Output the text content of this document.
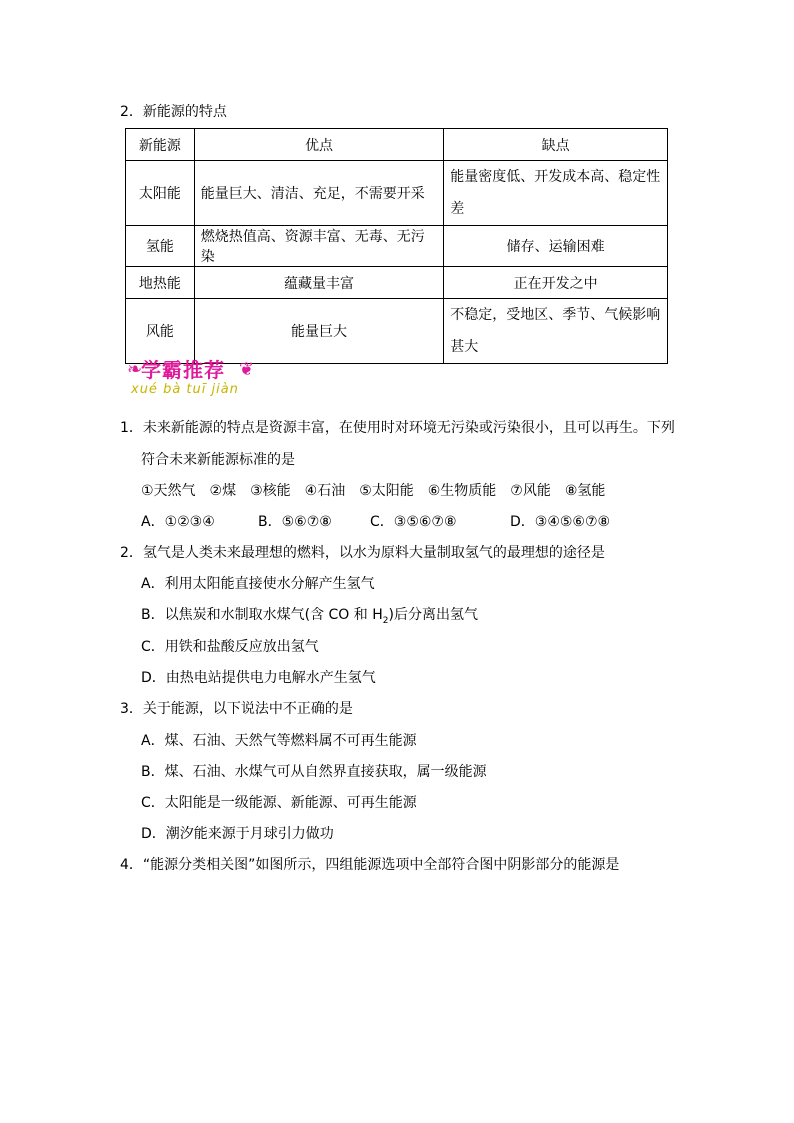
2．新能源的特点
新能源	优点	缺点
太阳能	能量巨大、清洁、充足，不需要开采	能量密度低、开发成本高、稳定性
差
氢能	燃烧热值高、资源丰富、无毒、无污染	储存、运输困难
地热能	蕴藏量丰富	正在开发之中
风能	能量巨大	不稳定，受地区、季节、气候影响
甚大
❧
学霸推荐 ❦
xué bà tuī jiàn
1．未来新能源的特点是资源丰富，在使用时对环境无污染或污染很小，且可以再生。下列
符合未来新能源标准的是
①天然气　②煤　③核能　④石油　⑤太阳能　⑥生物质能　⑦风能　⑧氢能
A．①②③④	B．⑤⑥⑦⑧	C．③⑤⑥⑦⑧	D．③④⑤⑥⑦⑧
2．氢气是人类未来最理想的燃料，以水为原料大量制取氢气的最理想的途径是
A．利用太阳能直接使水分解产生氢气
B．以焦炭和水制取水煤气(含 CO 和 $H_2$)后分离出氢气
C．用铁和盐酸反应放出氢气
D．由热电站提供电力电解水产生氢气
3．关于能源，以下说法中不正确的是
A．煤、石油、天然气等燃料属不可再生能源
B．煤、石油、水煤气可从自然界直接获取，属一级能源
C．太阳能是一级能源、新能源、可再生能源
D．潮汐能来源于月球引力做功
4．“能源分类相关图”如图所示，四组能源选项中全部符合图中阴影部分的能源是
